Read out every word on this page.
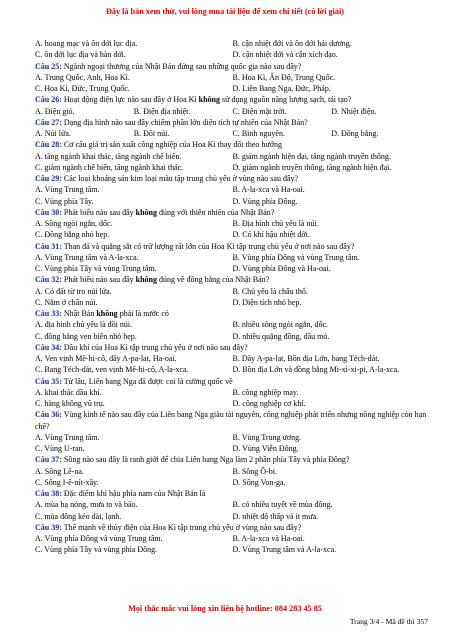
Đây là bản xem thử, vui lòng mua tài liệu để xem chi tiết (có lời giải)
A. hoang mạc và ôn đới lục địa.	B. cận nhiệt đới và ôn đới hải dương.
C. ôn đới lục địa và hàn đới.	D. cận nhiệt đới và cận xích đạo.
Câu 25: Ngành ngoại thương của Nhật Bản đứng sau những quốc gia nào sau đây?
A. Trung Quốc, Anh, Hoa Kì.	B. Hoa Kì, Ấn Độ, Trung Quốc.
C. Hoa Kì, Đức, Trung Quốc.	D. Liên Bang Nga, Đức, Pháp.
Câu 26: Hoạt động điện lực nào sau đây ở Hoa Kì không sử dụng nguồn năng lượng sạch, tái tạo?
A. Điện gió.	B. Điện địa nhiệt.	C. Điện mặt trời.	D. Nhiệt điện.
Câu 27: Dạng địa hình nào sau đây chiếm phần lớn diện tích tự nhiên của Nhật Bản?
A. Núi lửa.	B. Đồi núi.	C. Bình nguyên.	D. Đồng bằng.
Câu 28: Cơ cấu giá trị sản xuất công nghiệp của Hoa Kì thay đổi theo hướng
A. tăng ngành khai thác, tăng ngành chế biến.	B. giảm ngành hiện đại, tăng ngành truyền thống.
C. giảm ngành chế biến, tăng ngành khai thác.	D. giảm ngành truyền thống, tăng ngành hiện đại.
Câu 29: Các loại khoáng sản kim loại màu tập trung chủ yếu ở vùng nào sau đây?
A. Vùng Trung tâm.	B. A-la-xca và Ha-oai.
C. Vùng phía Tây.	D. Vùng phía Đông.
Câu 30: Phát biểu nào sau đây không đúng với thiên nhiên của Nhật Bản?
A. Sông ngòi ngắn, dốc.	B. Địa hình chủ yếu là núi.
C. Đồng bằng nhỏ hẹp.	D. Có khí hậu nhiệt đới.
Câu 31: Than đá và quặng sắt có trữ lượng rất lớn của Hoa Kì tập trung chủ yếu ở nơi nào sau đây?
A. Vùng Trung tâm và A-la-xca.	B. Vùng phía Đông và vùng Trung tâm.
C. Vùng phía Tây và vùng Trung tâm.	D. Vùng phía Đông và Ha-oai.
Câu 32: Phát biểu nào sau đây không đúng về đồng bằng của Nhật Bản?
A. Có đất từ tro núi lửa.	B. Chủ yếu là châu thổ.
C. Nằm ở chân núi.	D. Diện tích nhỏ hẹp.
Câu 33: Nhật Bản không phải là nước có
A. địa hình chủ yếu là đồi núi.	B. nhiều sông ngòi ngắn, dốc.
C. đồng bằng ven biển nhỏ hẹp.	D. nhiều quặng đồng, dầu mỏ.
Câu 34: Dầu khí của Hoa Kì tập trung chủ yếu ở nơi nào sau đây?
A. Ven vịnh Mê-hi-cô, dãy A-pa-lat, Ha-oai.	B. Dãy A-pa-lat, Bồn địa Lớn, bang Téch-dát.
C. Bang Téch-dát, ven vịnh Mê-hi-cô, A-la-xca.	D. Bồn địa Lớn và đồng bằng Mi-xi-xi-pi, A-la-xca.
Câu 35: Từ lâu, Liên bang Nga đã được coi là cường quốc về
A. khai thác dầu khí.	B. công nghiệp may.
C. hàng không vũ trụ.	D. công nghiệp cơ khí.
Câu 36: Vùng kinh tế nào sau đây của Liên bang Nga giàu tài nguyên, công nghiệp phát triển nhưng nông nghiệp còn hạn chế?
A. Vùng Trung tâm.	B. Vùng Trung ương.
C. Vùng U-ran.	D. Vùng Viễn Đông.
Câu 37: Sông nào sau đây là ranh giới để chia Liên bang Nga làm 2 phần phía Tây và phía Đông?
A. Sông Lê-na.	B. Sông Ô-bi.
C. Sông I-ê-nít-xây.	D. Sông Von-ga.
Câu 38: Đặc điểm khí hậu phía nam của Nhật Bản là
A. mùa hạ nóng, mưa to và bão.	B. có nhiều tuyết về mùa đông.
C. mùa đông kéo dài, lạnh.	D. nhiệt độ thấp và ít mưa.
Câu 39: Thế mạnh về thủy điện của Hoa Kì tập trung chủ yếu ở vùng nào sau đây?
A. Vùng phía Đông và vùng Trung tâm.	B. A-la-xca và Ha-oai.
C. Vùng phía Tây và vùng phía Đông.	D. Vùng Trung tâm và A-la-xca.
Mọi thắc mắc vui lòng xin liên hệ hotline: 084 283 45 85
Trang 3/4 - Mã đề thi 357
